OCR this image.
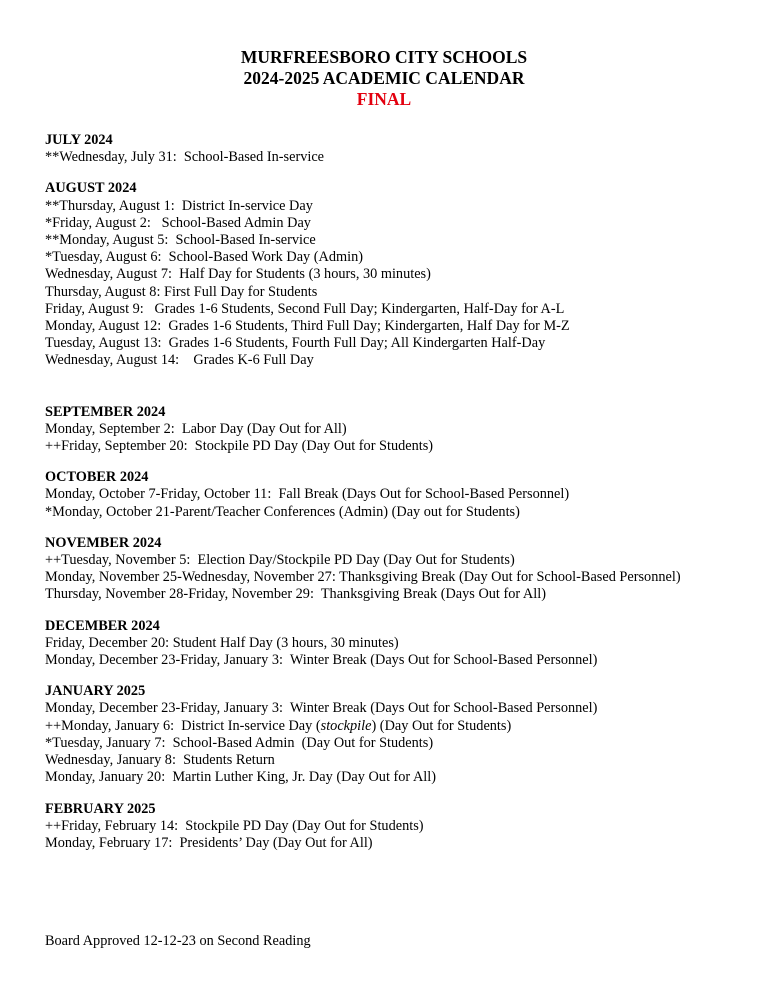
MURFREESBORO CITY SCHOOLS
2024-2025 ACADEMIC CALENDAR
FINAL
JULY 2024
**Wednesday, July 31:  School-Based In-service
AUGUST 2024
**Thursday, August 1:  District In-service Day
*Friday, August 2:   School-Based Admin Day
**Monday, August 5:  School-Based In-service
*Tuesday, August 6:  School-Based Work Day (Admin)
Wednesday, August 7:  Half Day for Students (3 hours, 30 minutes)
Thursday, August 8: First Full Day for Students
Friday, August 9:   Grades 1-6 Students, Second Full Day; Kindergarten, Half-Day for A-L
Monday, August 12:  Grades 1-6 Students, Third Full Day; Kindergarten, Half Day for M-Z
Tuesday, August 13:  Grades 1-6 Students, Fourth Full Day; All Kindergarten Half-Day
Wednesday, August 14:    Grades K-6 Full Day
SEPTEMBER 2024
Monday, September 2:  Labor Day (Day Out for All)
++Friday, September 20:  Stockpile PD Day (Day Out for Students)
OCTOBER 2024
Monday, October 7-Friday, October 11:  Fall Break (Days Out for School-Based Personnel)
*Monday, October 21-Parent/Teacher Conferences (Admin) (Day out for Students)
NOVEMBER 2024
++Tuesday, November 5:  Election Day/Stockpile PD Day (Day Out for Students)
Monday, November 25-Wednesday, November 27: Thanksgiving Break (Day Out for School-Based Personnel)
Thursday, November 28-Friday, November 29:  Thanksgiving Break (Days Out for All)
DECEMBER 2024
Friday, December 20: Student Half Day (3 hours, 30 minutes)
Monday, December 23-Friday, January 3:  Winter Break (Days Out for School-Based Personnel)
JANUARY 2025
Monday, December 23-Friday, January 3:  Winter Break (Days Out for School-Based Personnel)
++Monday, January 6:  District In-service Day (stockpile) (Day Out for Students)
*Tuesday, January 7:  School-Based Admin  (Day Out for Students)
Wednesday, January 8:  Students Return
Monday, January 20:  Martin Luther King, Jr. Day (Day Out for All)
FEBRUARY 2025
++Friday, February 14:  Stockpile PD Day (Day Out for Students)
Monday, February 17:  Presidents’ Day (Day Out for All)
Board Approved 12-12-23 on Second Reading
